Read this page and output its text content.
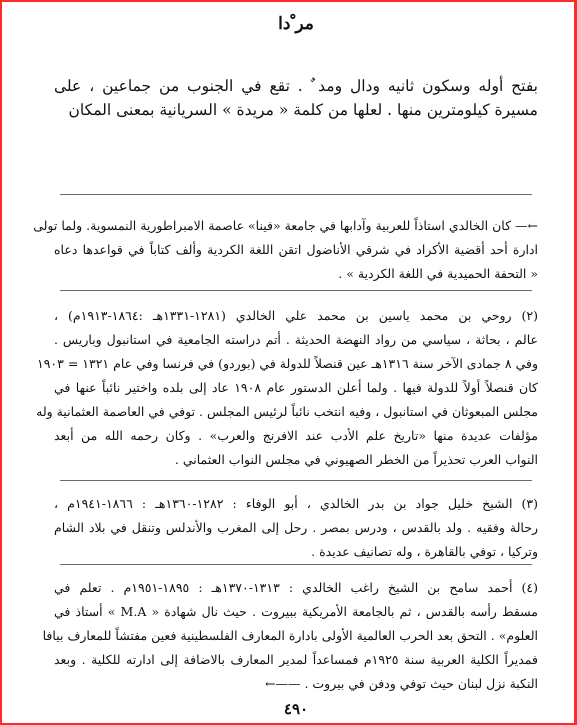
مر ْدا
بفتح أوله وسكون ثانيه ودال ومد ٌ . تقع في الجنوب من جماعين ، على
مسيرة كيلومترين منها . لعلها من كلمة « مريدة » السريانية بمعنى المكان
←— كان الخالدي استاذاً للعربية وآدابها في جامعة «فينا» عاصمة الامبراطورية النمسوية. ولما تولى
ادارة أحد أقضية الأكراد في شرقي الأناضول اتقن اللغة الكردية وألف كتاباً في قواعدها دعاه
« التحفة الحميدية في اللغة الكردية » .
(٢) روحي بن محمد ياسين بن محمد علي الخالدي (١٢٨١-١٣٣١هـ :١٨٦٤-١٩١٣م) ،
عالم ، بحاثة ، سياسي من رواد النهضة الحديثة . أتم دراسته الجامعية في استانبول وباريس .
وفي ٨ جمادى الآخر سنة ١٣١٦هـ عين قنصلاً للدولة في (بوردو) في فرنسا وفي عام ١٣٢١ = ١٩٠٣
كان قنصلاً أولاً للدولة فيها . ولما أعلن الدستور عام ١٩٠٨ عاد إلى بلده واختير نائباً عنها في
مجلس المبعوثان في استانبول ، وفيه انتخب نائباً لرئيس المجلس . توفي في العاصمة العثمانية وله
مؤلفات عديدة منها «تاريخ علم الأدب عند الافرنج والعرب» . وكان رحمه الله من أبعد
النواب العرب تحذيراً من الخطر الصهيوني في مجلس النواب العثماني .
(٣) الشيخ خليل جواد بن بدر الخالدي ، أبو الوفاء : ١٢٨٢-١٣٦٠هـ : ١٨٦٦-١٩٤١م ،
رحالة وفقيه . ولد بالقدس ، ودرس بمصر . رحل إلى المغرب والأندلس وتنقل في بلاد الشام
وتركيا ، توفي بالقاهرة ، وله تصانيف عديدة .
(٤) أحمد سامح بن الشيخ راغب الخالدي : ١٣١٣-١٣٧٠هـ : ١٨٩٥-١٩٥١م . تعلم في
مسقط رأسه بالقدس ، ثم بالجامعة الأمريكية ببيروت . حيث نال شهادة « M.A » أستاذ في
العلوم» . التحق بعد الحرب العالمية الأولى بادارة المعارف الفلسطينية فعين مفتشاً للمعارف بيافا
فمديراً الكلية العربية سنة ١٩٢٥م فمساعداً لمدير المعارف بالاضافة إلى ادارته للكلية . وبعد
النكبة نزل لبنان حيث توفي ودفن في بيروت . ——←
٤٩٠
